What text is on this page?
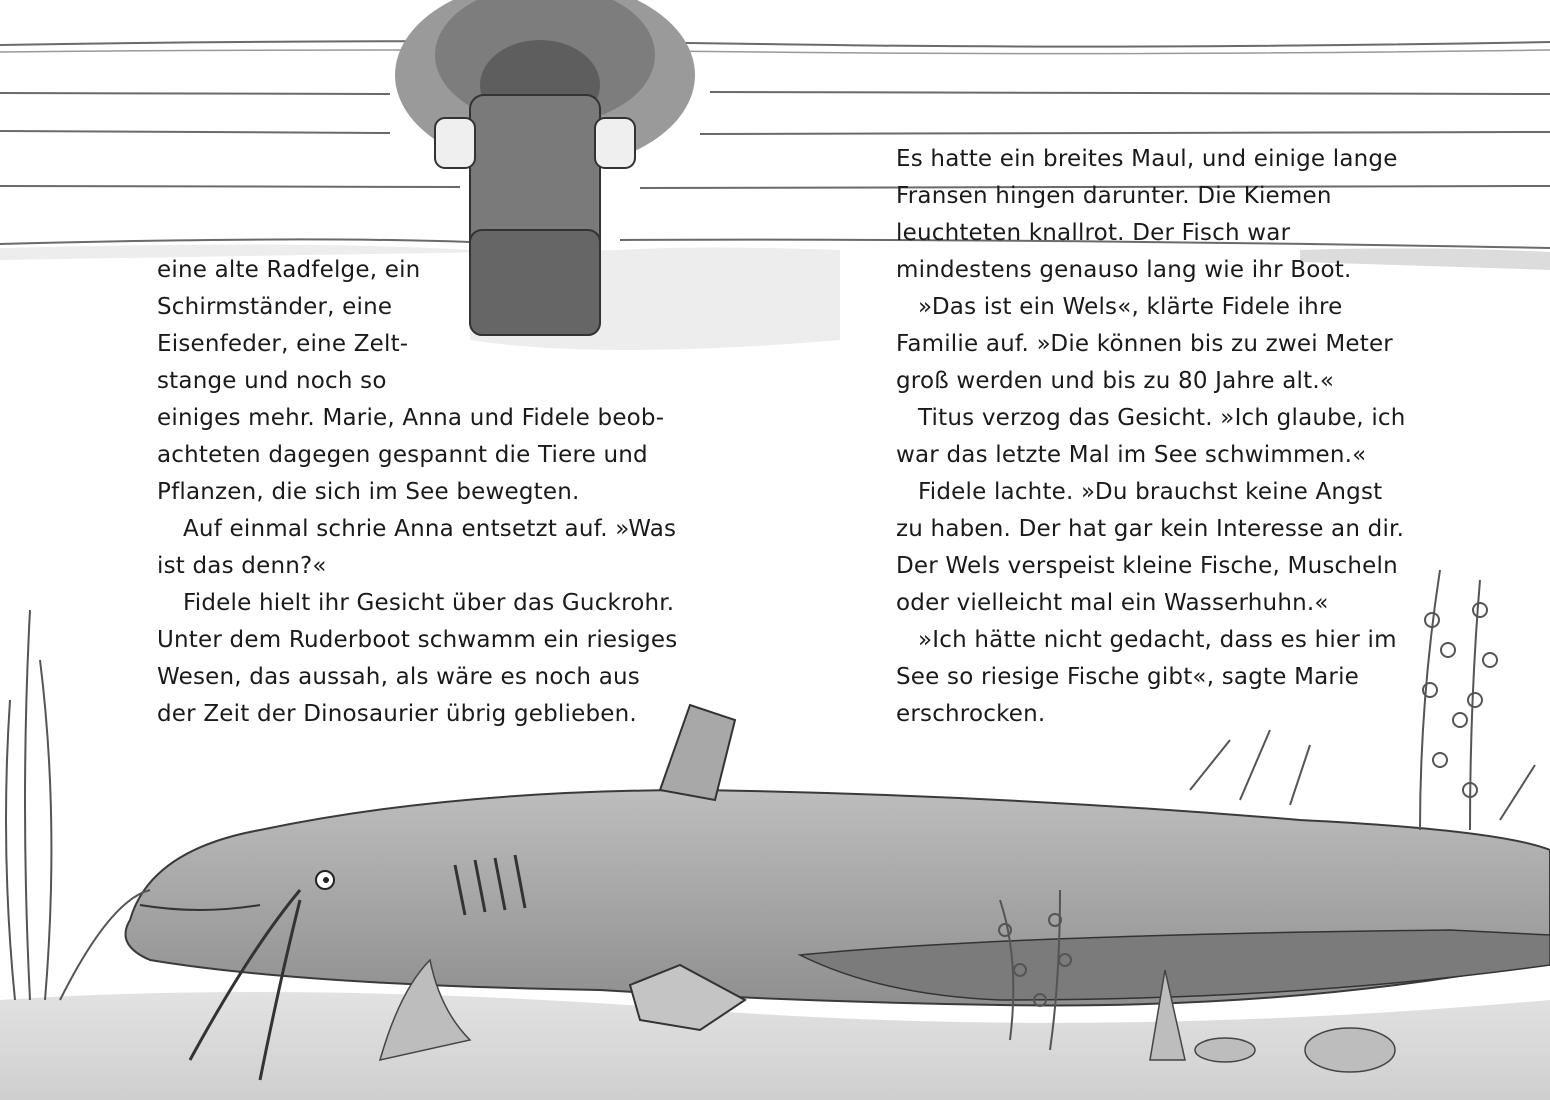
eine alte Radfelge, ein
Schirmständer, eine
Eisenfeder, eine Zelt-
stange und noch so
einiges mehr. Marie, Anna und Fidele beob-
achteten dagegen gespannt die Tiere und
Pflanzen, die sich im See bewegten.
Auf einmal schrie Anna entsetzt auf. »Was
ist das denn?«
Fidele hielt ihr Gesicht über das Guckrohr.
Unter dem Ruderboot schwamm ein riesiges
Wesen, das aussah, als wäre es noch aus
der Zeit der Dinosaurier übrig geblieben.
Es hatte ein breites Maul, und einige lange
Fransen hingen darunter. Die Kiemen
leuchteten knallrot. Der Fisch war
mindestens genauso lang wie ihr Boot.
»Das ist ein Wels«, klärte Fidele ihre
Familie auf. »Die können bis zu zwei Meter
groß werden und bis zu 80 Jahre alt.«
Titus verzog das Gesicht. »Ich glaube, ich
war das letzte Mal im See schwimmen.«
Fidele lachte. »Du brauchst keine Angst
zu haben. Der hat gar kein Interesse an dir.
Der Wels verspeist kleine Fische, Muscheln
oder vielleicht mal ein Wasserhuhn.«
»Ich hätte nicht gedacht, dass es hier im
See so riesige Fische gibt«, sagte Marie
erschrocken.
